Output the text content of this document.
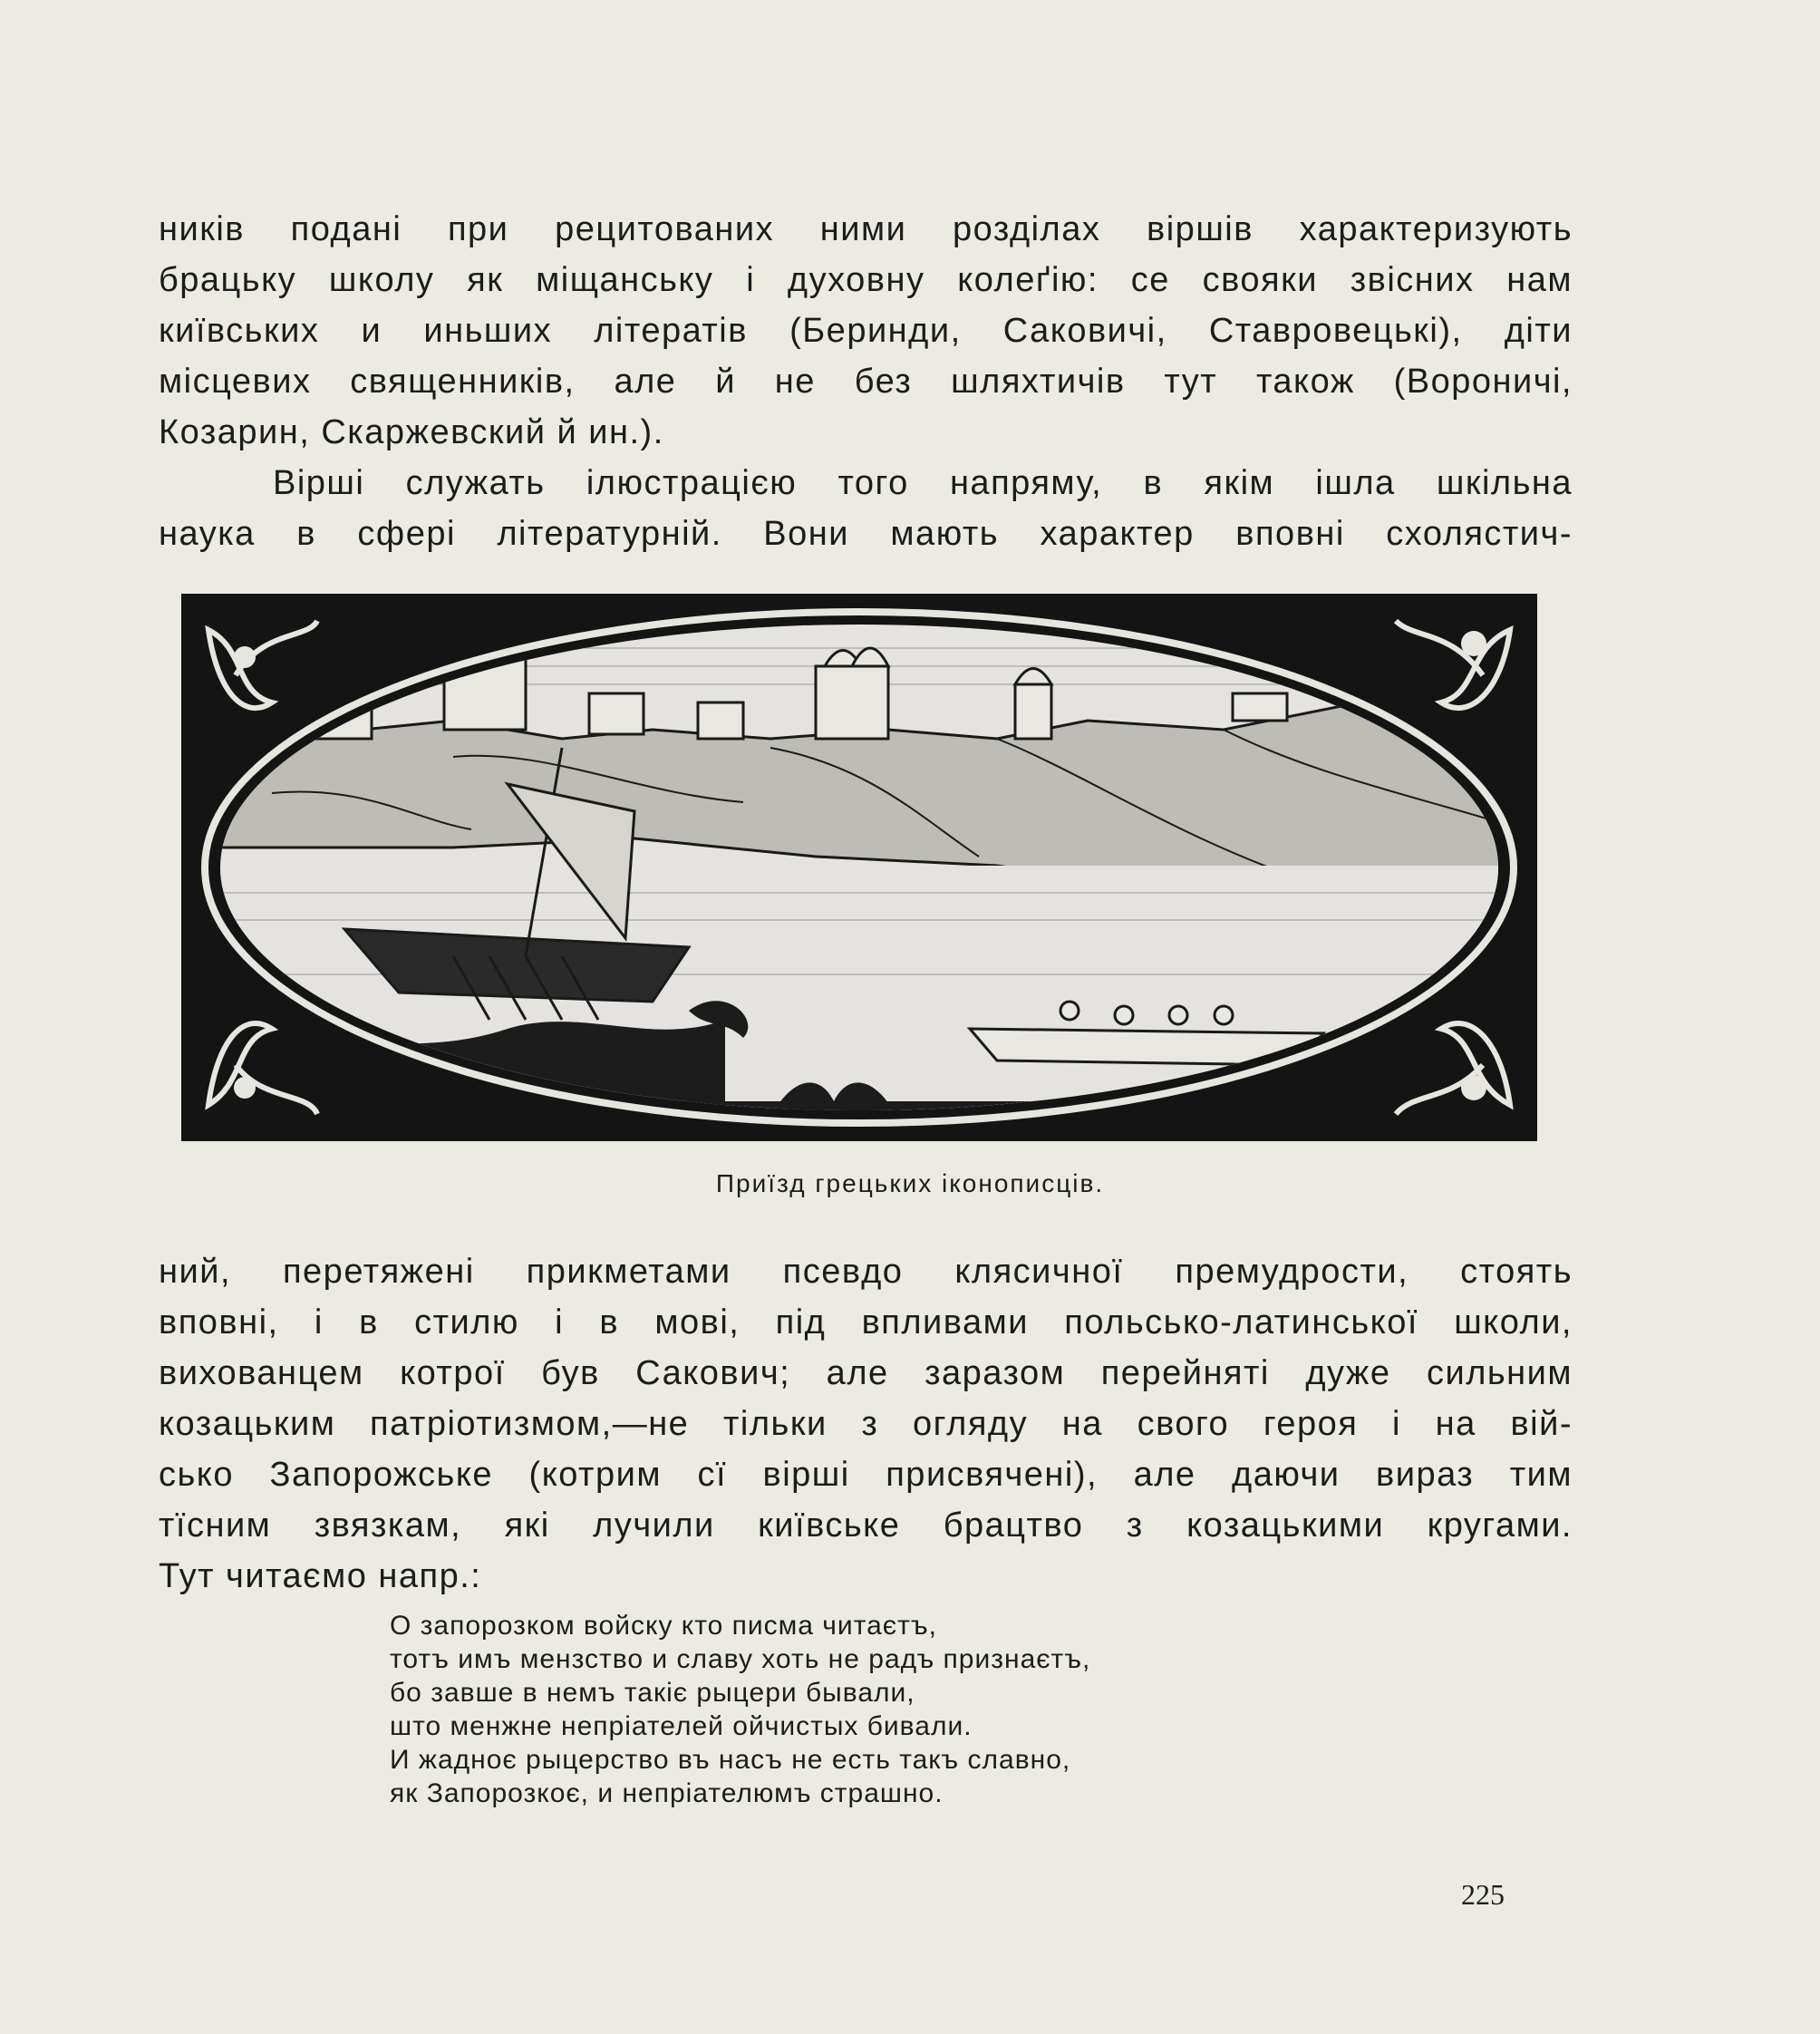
ників подані при рецитованих ними розділах віршів характеризують
брацьку школу як міщанську і духовну колеґію: се свояки звісних нам
київських и иньших літератів (Беринди, Саковичі, Ставровецькі), діти
місцевих священників, але й не без шляхтичів тут також (Вороничі,
Козарин, Скаржевский й ин.).
Вірші служать ілюстрацією того напряму, в якім ішла шкільна
наука в сфері літературній. Вони мають характер вповні схолястич-
Приїзд грецьких іконописців.
ний, перетяжені прикметами псевдо клясичної премудрости, стоять
вповні, і в стилю і в мові, під впливами польсько-латинської школи,
вихованцем котрої був Сакович; але заразом перейняті дуже сильним
козацьким патріотизмом,—не тільки з огляду на свого героя і на вій-
сько Запорожське (котрим сї вірші присвячені), але даючи вираз тим
тїсним звязкам, які лучили київське брацтво з козацькими кругами.
Тут читаємо напр.:
О запорозком войску кто писма читаєтъ,
тотъ имъ мензство и славу хоть не радъ признаєтъ,
бо завше в немъ такіє рыцери бывали,
што менжне непріателей ойчистых бивали.
И жадноє рыцерство въ насъ не есть такъ славно,
як Запорозкоє, и непріателюмъ страшно.
225
